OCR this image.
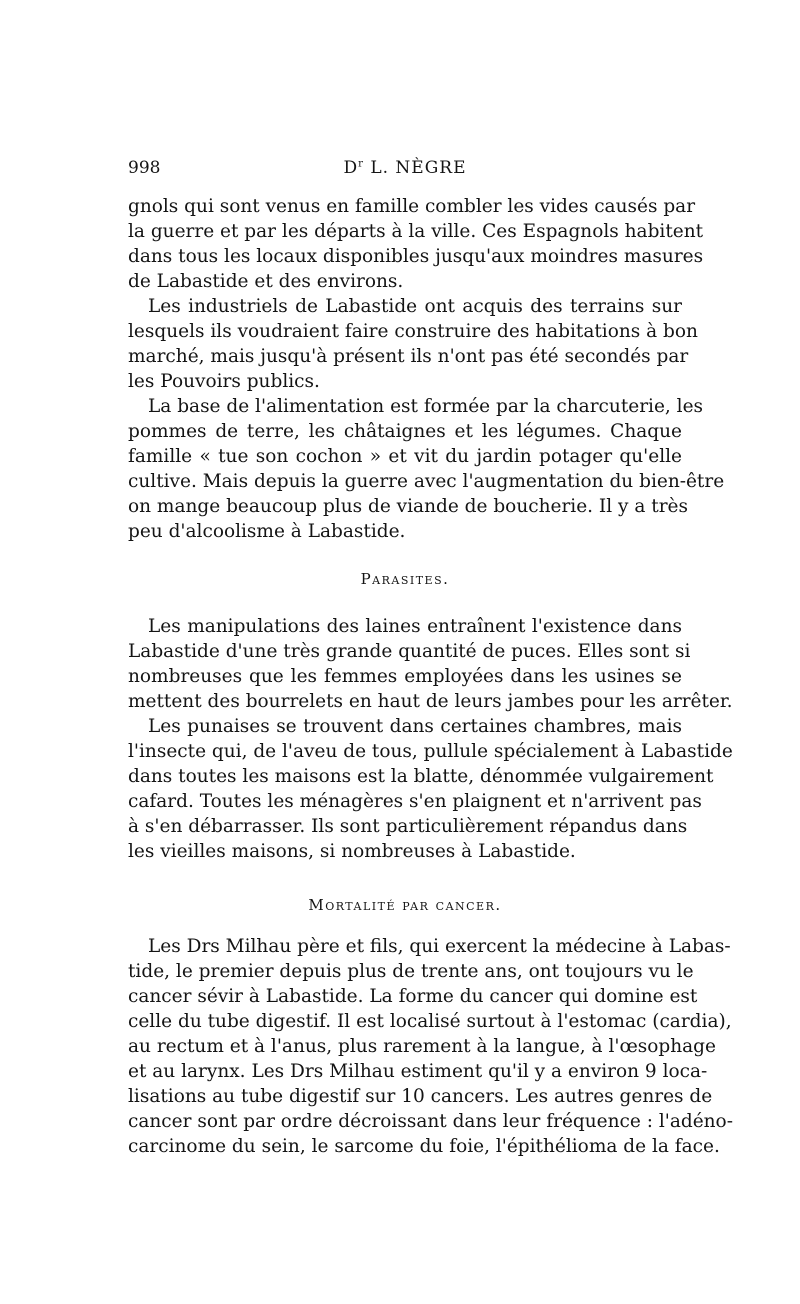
998	$D^r$ L. NÈGRE
gnols qui sont venus en famille combler les vides causés par
la guerre et par les départs à la ville. Ces Espagnols habitent
dans tous les locaux disponibles jusqu'aux moindres masures
de Labastide et des environs.
Les industriels de Labastide ont acquis des terrains sur
lesquels ils voudraient faire construire des habitations à bon
marché, mais jusqu'à présent ils n'ont pas été secondés par
les Pouvoirs publics.
La base de l'alimentation est formée par la charcuterie, les
pommes de terre, les châtaignes et les légumes. Chaque
famille « tue son cochon » et vit du jardin potager qu'elle
cultive. Mais depuis la guerre avec l'augmentation du bien-être
on mange beaucoup plus de viande de boucherie. Il y a très
peu d'alcoolisme à Labastide.
Parasites.
Les manipulations des laines entraînent l'existence dans
Labastide d'une très grande quantité de puces. Elles sont si
nombreuses que les femmes employées dans les usines se
mettent des bourrelets en haut de leurs jambes pour les arrêter.
Les punaises se trouvent dans certaines chambres, mais
l'insecte qui, de l'aveu de tous, pullule spécialement à Labastide
dans toutes les maisons est la blatte, dénommée vulgairement
cafard. Toutes les ménagères s'en plaignent et n'arrivent pas
à s'en débarrasser. Ils sont particulièrement répandus dans
les vieilles maisons, si nombreuses à Labastide.
Mortalité par cancer.
Les Drs Milhau père et fils, qui exercent la médecine à Labas-
tide, le premier depuis plus de trente ans, ont toujours vu le
cancer sévir à Labastide. La forme du cancer qui domine est
celle du tube digestif. Il est localisé surtout à l'estomac (cardia),
au rectum et à l'anus, plus rarement à la langue, à l'œsophage
et au larynx. Les Drs Milhau estiment qu'il y a environ 9 loca-
lisations au tube digestif sur 10 cancers. Les autres genres de
cancer sont par ordre décroissant dans leur fréquence : l'adéno-
carcinome du sein, le sarcome du foie, l'épithélioma de la face.
